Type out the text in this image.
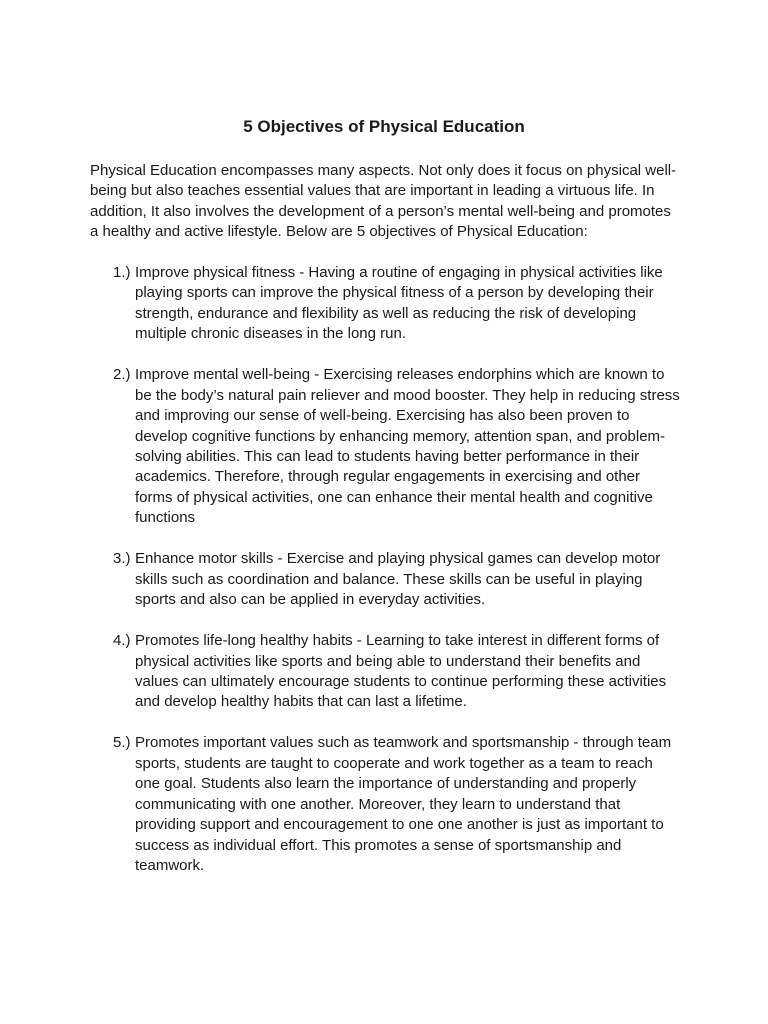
5 Objectives of Physical Education

Physical Education encompasses many aspects. Not only does it focus on physical well-being but also teaches essential values that are important in leading a virtuous life. In addition, It also involves the development of a person’s mental well-being and promotes a healthy and active lifestyle. Below are 5 objectives of Physical Education:

1.) Improve physical fitness - Having a routine of engaging in physical activities like playing sports can improve the physical fitness of a person by developing their strength, endurance and flexibility as well as reducing the risk of developing multiple chronic diseases in the long run.
2.) Improve mental well-being - Exercising releases endorphins which are known to be the body’s natural pain reliever and mood booster. They help in reducing stress and improving our sense of well-being. Exercising has also been proven to develop cognitive functions by enhancing memory, attention span, and problem-solving abilities. This can lead to students having better performance in their academics. Therefore, through regular engagements in exercising and other forms of physical activities, one can enhance their mental health and cognitive functions
3.) Enhance motor skills - Exercise and playing physical games can develop motor skills such as coordination and balance. These skills can be useful in playing sports and also can be applied in everyday activities.
4.) Promotes life-long healthy habits - Learning to take interest in different forms of physical activities like sports and being able to understand their benefits and values can ultimately encourage students to continue performing these activities and develop healthy habits that can last a lifetime.
5.) Promotes important values such as teamwork and sportsmanship - through team sports, students are taught to cooperate and work together as a team to reach one goal. Students also learn the importance of understanding and properly communicating with one another. Moreover, they learn to understand that providing support and encouragement to one one another is just as important to success as individual effort. This promotes a sense of sportsmanship and teamwork.
